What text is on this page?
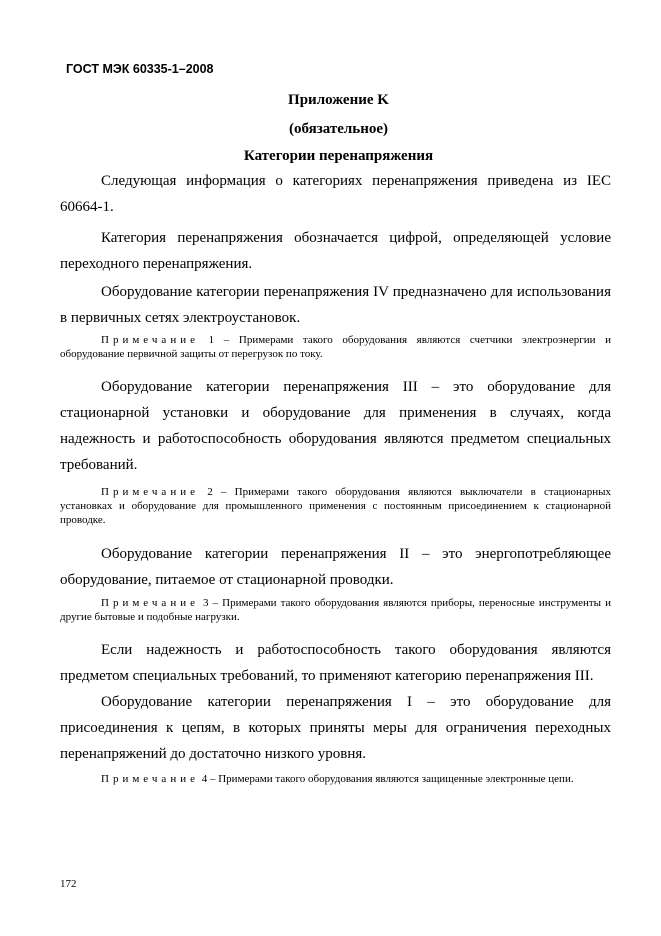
ГОСТ МЭК 60335-1–2008
Приложение K
(обязательное)
Категории перенапряжения

Следующая информация о категориях перенапряжения приведена из IEC 60664-1.

Категория перенапряжения обозначается цифрой, определяющей условие переходного перенапряжения.

Оборудование категории перенапряжения IV предназначено для использования в первичных сетях электроустановок.

Примечание 1 – Примерами такого оборудования являются счетчики электроэнергии и оборудование первичной защиты от перегрузок по току.

Оборудование категории перенапряжения III – это оборудование для стационарной установки и оборудование для применения в случаях, когда надежность и работоспособность оборудования являются предметом специальных требований.

Примечание 2 – Примерами такого оборудования являются выключатели в стационарных установках и оборудование для промышленного применения с постоянным присоединением к стационарной проводке.

Оборудование категории перенапряжения II – это энергопотребляющее оборудование, питаемое от стационарной проводки.

Примечание 3 – Примерами такого оборудования являются приборы, переносные инструменты и другие бытовые и подобные нагрузки.

Если надежность и работоспособность такого оборудования являются предметом специальных требований, то применяют категорию перенапряжения III.

Оборудование категории перенапряжения I – это оборудование для присоединения к цепям, в которых приняты меры для ограничения переходных перенапряжений до достаточно низкого уровня.

Примечание 4 – Примерами такого оборудования являются защищенные электронные цепи.

172
